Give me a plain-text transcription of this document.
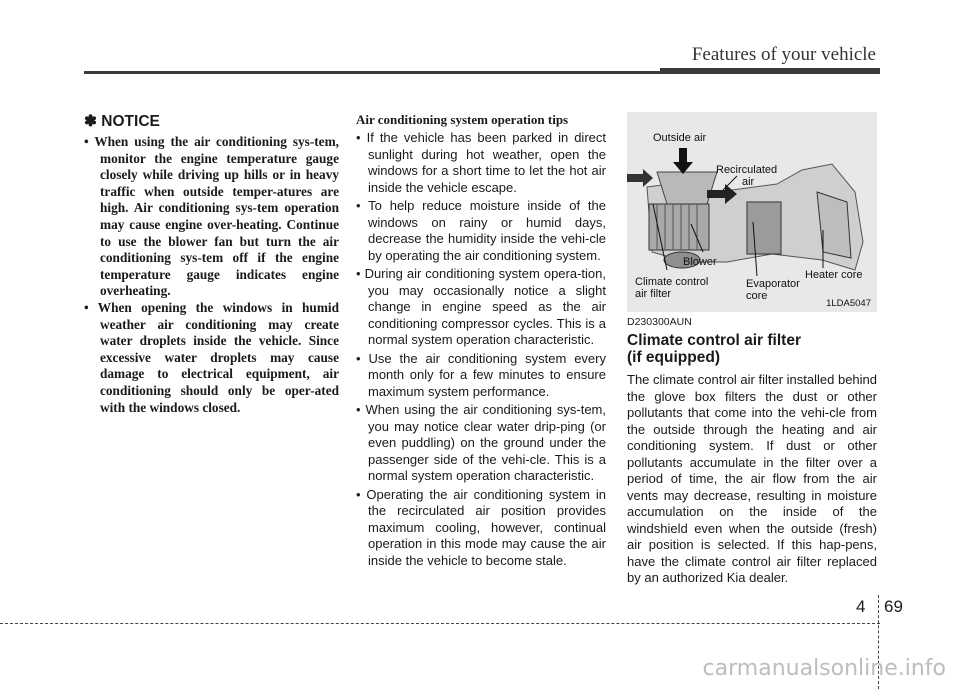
Features of your vehicle
✽ NOTICE
• When using the air conditioning sys-tem, monitor the engine temperature gauge closely while driving up hills or in heavy traffic when outside temper-atures are high. Air conditioning sys-tem operation may cause engine over-heating. Continue to use the blower fan but turn the air conditioning sys-tem off if the engine temperature gauge indicates engine overheating.
• When opening the windows in humid weather air conditioning may create water droplets inside the vehicle. Since excessive water droplets may cause damage to electrical equipment, air conditioning should only be oper-ated with the windows closed.
Air conditioning system operation tips
• If the vehicle has been parked in direct sunlight during hot weather, open the windows for a short time to let the hot air inside the vehicle escape.
• To help reduce moisture inside of the windows on rainy or humid days, decrease the humidity inside the vehi-cle by operating the air conditioning system.
• During air conditioning system opera-tion, you may occasionally notice a slight change in engine speed as the air conditioning compressor cycles. This is a normal system operation characteristic.
• Use the air conditioning system every month only for a few minutes to ensure maximum system performance.
• When using the air conditioning sys-tem, you may notice clear water drip-ping (or even puddling) on the ground under the passenger side of the vehi-cle. This is a normal system operation characteristic.
• Operating the air conditioning system in the recirculated air position provides maximum cooling, however, continual operation in this mode may cause the air inside the vehicle to become stale.
Outside air
Recirculated
air
Blower
Climate control
air filter
Evaporator
core
Heater core
1LDA5047
D230300AUN
Climate control air filter
(if equipped)

The climate control air filter installed behind the glove box filters the dust or other pollutants that come into the vehi-cle from the outside through the heating and air conditioning system. If dust or other pollutants accumulate in the filter over a period of time, the air flow from the air vents may decrease, resulting in moisture accumulation on the inside of the windshield even when the outside (fresh) air position is selected. If this hap-pens, have the climate control air filter replaced by an authorized Kia dealer.

4 69
carmanualsonline.info
